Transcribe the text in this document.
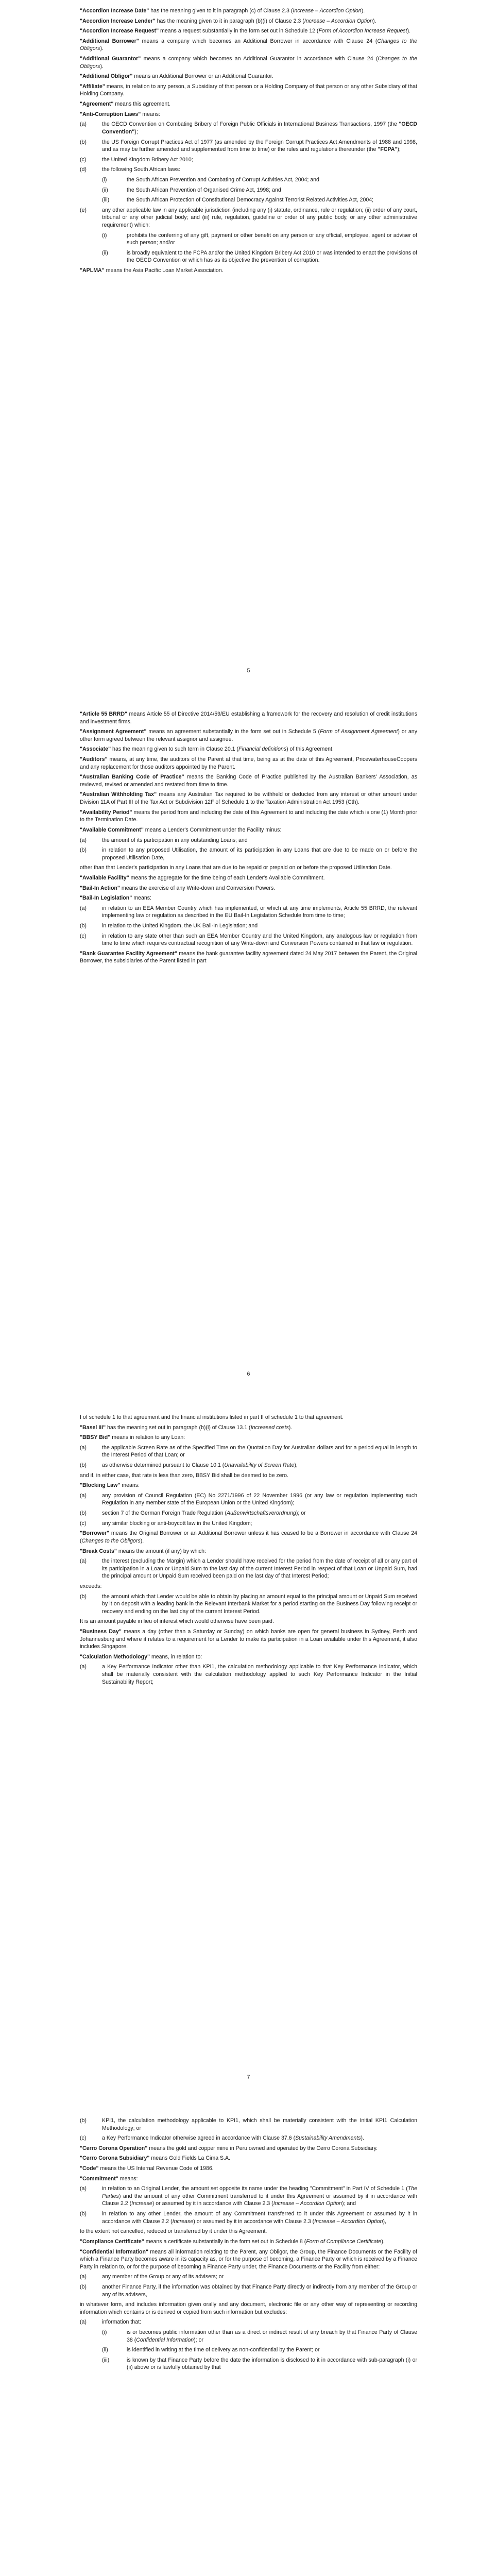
"Accordion Increase Date" has the meaning given to it in paragraph (c) of Clause 2.3 (Increase – Accordion Option).

"Accordion Increase Lender" has the meaning given to it in paragraph (b)(i) of Clause 2.3 (Increase – Accordion Option).

"Accordion Increase Request" means a request substantially in the form set out in Schedule 12 (Form of Accordion Increase Request).

"Additional Borrower" means a company which becomes an Additional Borrower in accordance with Clause 24 (Changes to the Obligors).

"Additional Guarantor" means a company which becomes an Additional Guarantor in accordance with Clause 24 (Changes to the Obligors).

"Additional Obligor" means an Additional Borrower or an Additional Guarantor.

"Affiliate" means, in relation to any person, a Subsidiary of that person or a Holding Company of that person or any other Subsidiary of that Holding Company.

"Agreement" means this agreement.

"Anti-Corruption Laws" means:

(a)	the OECD Convention on Combating Bribery of Foreign Public Officials in International Business Transactions, 1997 (the "OECD Convention");
(b)	the US Foreign Corrupt Practices Act of 1977 (as amended by the Foreign Corrupt Practices Act Amendments of 1988 and 1998, and as may be further amended and supplemented from time to time) or the rules and regulations thereunder (the "FCPA");
(c)	the United Kingdom Bribery Act 2010;
(d)	the following South African laws:
(i)	the South African Prevention and Combating of Corrupt Activities Act, 2004; and
(ii)	the South African Prevention of Organised Crime Act, 1998; and
(iii)	the South African Protection of Constitutional Democracy Against Terrorist Related Activities Act, 2004;
(e)	any other applicable law in any applicable jurisdiction (including any (i) statute, ordinance, rule or regulation; (ii) order of any court, tribunal or any other judicial body; and (iii) rule, regulation, guideline or order of any public body, or any other administrative requirement) which:
(i)	prohibits the conferring of any gift, payment or other benefit on any person or any official, employee, agent or adviser of such person; and/or
(ii)	is broadly equivalent to the FCPA and/or the United Kingdom Bribery Act 2010 or was intended to enact the provisions of the OECD Convention or which has as its objective the prevention of corruption.

"APLMA" means the Asia Pacific Loan Market Association.

5

"Article 55 BRRD" means Article 55 of Directive 2014/59/EU establishing a framework for the recovery and resolution of credit institutions and investment firms.

"Assignment Agreement" means an agreement substantially in the form set out in Schedule 5 (Form of Assignment Agreement) or any other form agreed between the relevant assignor and assignee.

"Associate" has the meaning given to such term in Clause 20.1 (Financial definitions) of this Agreement.

"Auditors" means, at any time, the auditors of the Parent at that time, being as at the date of this Agreement, PricewaterhouseCoopers and any replacement for those auditors appointed by the Parent.

"Australian Banking Code of Practice" means the Banking Code of Practice published by the Australian Bankers' Association, as reviewed, revised or amended and restated from time to time.

"Australian Withholding Tax" means any Australian Tax required to be withheld or deducted from any interest or other amount under Division 11A of Part III of the Tax Act or Subdivision 12F of Schedule 1 to the Taxation Administration Act 1953 (Cth).

"Availability Period" means the period from and including the date of this Agreement to and including the date which is one (1) Month prior to the Termination Date.

"Available Commitment" means a Lender's Commitment under the Facility minus:

(a)	the amount of its participation in any outstanding Loans; and
(b)	in relation to any proposed Utilisation, the amount of its participation in any Loans that are due to be made on or before the proposed Utilisation Date,

other than that Lender's participation in any Loans that are due to be repaid or prepaid on or before the proposed Utilisation Date.

"Available Facility" means the aggregate for the time being of each Lender's Available Commitment.

"Bail-In Action" means the exercise of any Write-down and Conversion Powers.

"Bail-In Legislation" means:

(a)	in relation to an EEA Member Country which has implemented, or which at any time implements, Article 55 BRRD, the relevant implementing law or regulation as described in the EU Bail-In Legislation Schedule from time to time;
(b)	in relation to the United Kingdom, the UK Bail-In Legislation; and
(c)	in relation to any state other than such an EEA Member Country and the United Kingdom, any analogous law or regulation from time to time which requires contractual recognition of any Write-down and Conversion Powers contained in that law or regulation.

"Bank Guarantee Facility Agreement" means the bank guarantee facility agreement dated 24 May 2017 between the Parent, the Original Borrower, the subsidiaries of the Parent listed in part

6

I of schedule 1 to that agreement and the financial institutions listed in part II of schedule 1 to that agreement.

"Basel III" has the meaning set out in paragraph (b)(i) of Clause 13.1 (Increased costs).

"BBSY Bid" means in relation to any Loan:

(a)	the applicable Screen Rate as of the Specified Time on the Quotation Day for Australian dollars and for a period equal in length to the Interest Period of that Loan; or
(b)	as otherwise determined pursuant to Clause 10.1 (Unavailability of Screen Rate),

and if, in either case, that rate is less than zero, BBSY Bid shall be deemed to be zero.

"Blocking Law" means:

(a)	any provision of Council Regulation (EC) No 2271/1996 of 22 November 1996 (or any law or regulation implementing such Regulation in any member state of the European Union or the United Kingdom);
(b)	section 7 of the German Foreign Trade Regulation (Außenwirtschaftsverordnung); or
(c)	any similar blocking or anti-boycott law in the United Kingdom;

"Borrower" means the Original Borrower or an Additional Borrower unless it has ceased to be a Borrower in accordance with Clause 24 (Changes to the Obligors).

"Break Costs" means the amount (if any) by which:

(a)	the interest (excluding the Margin) which a Lender should have received for the period from the date of receipt of all or any part of its participation in a Loan or Unpaid Sum to the last day of the current Interest Period in respect of that Loan or Unpaid Sum, had the principal amount or Unpaid Sum received been paid on the last day of that Interest Period;

exceeds:

(b)	the amount which that Lender would be able to obtain by placing an amount equal to the principal amount or Unpaid Sum received by it on deposit with a leading bank in the Relevant Interbank Market for a period starting on the Business Day following receipt or recovery and ending on the last day of the current Interest Period.

It is an amount payable in lieu of interest which would otherwise have been paid.

"Business Day" means a day (other than a Saturday or Sunday) on which banks are open for general business in Sydney, Perth and Johannesburg and where it relates to a requirement for a Lender to make its participation in a Loan available under this Agreement, it also includes Singapore.

"Calculation Methodology" means, in relation to:

(a)	a Key Performance Indicator other than KPI1, the calculation methodology applicable to that Key Performance Indicator, which shall be materially consistent with the calculation methodology applied to such Key Performance Indicator in the Initial Sustainability Report;
7
(b)	KPI1, the calculation methodology applicable to KPI1, which shall be materially consistent with the Initial KPI1 Calculation Methodology; or
(c)	a Key Performance Indicator otherwise agreed in accordance with Clause 37.6 (Sustainability Amendments).

"Cerro Corona Operation" means the gold and copper mine in Peru owned and operated by the Cerro Corona Subsidiary.

"Cerro Corona Subsidiary" means Gold Fields La Cima S.A.

"Code" means the US Internal Revenue Code of 1986.

"Commitment" means:

(a)	in relation to an Original Lender, the amount set opposite its name under the heading "Commitment" in Part IV of Schedule 1 (The Parties) and the amount of any other Commitment transferred to it under this Agreement or assumed by it in accordance with Clause 2.2 (Increase) or assumed by it in accordance with Clause 2.3 (Increase – Accordion Option); and
(b)	in relation to any other Lender, the amount of any Commitment transferred to it under this Agreement or assumed by it in accordance with Clause 2.2 (Increase) or assumed by it in accordance with Clause 2.3 (Increase – Accordion Option),

to the extent not cancelled, reduced or transferred by it under this Agreement.

"Compliance Certificate" means a certificate substantially in the form set out in Schedule 8 (Form of Compliance Certificate).

"Confidential Information" means all information relating to the Parent, any Obligor, the Group, the Finance Documents or the Facility of which a Finance Party becomes aware in its capacity as, or for the purpose of becoming, a Finance Party or which is received by a Finance Party in relation to, or for the purpose of becoming a Finance Party under, the Finance Documents or the Facility from either:

(a)	any member of the Group or any of its advisers; or
(b)	another Finance Party, if the information was obtained by that Finance Party directly or indirectly from any member of the Group or any of its advisers,

in whatever form, and includes information given orally and any document, electronic file or any other way of representing or recording information which contains or is derived or copied from such information but excludes:

(a)	information that:
(i)	is or becomes public information other than as a direct or indirect result of any breach by that Finance Party of Clause 38 (Confidential Information); or
(ii)	is identified in writing at the time of delivery as non-confidential by the Parent; or
(iii)	is known by that Finance Party before the date the information is disclosed to it in accordance with sub-paragraph (i) or (ii) above or is lawfully obtained by that
